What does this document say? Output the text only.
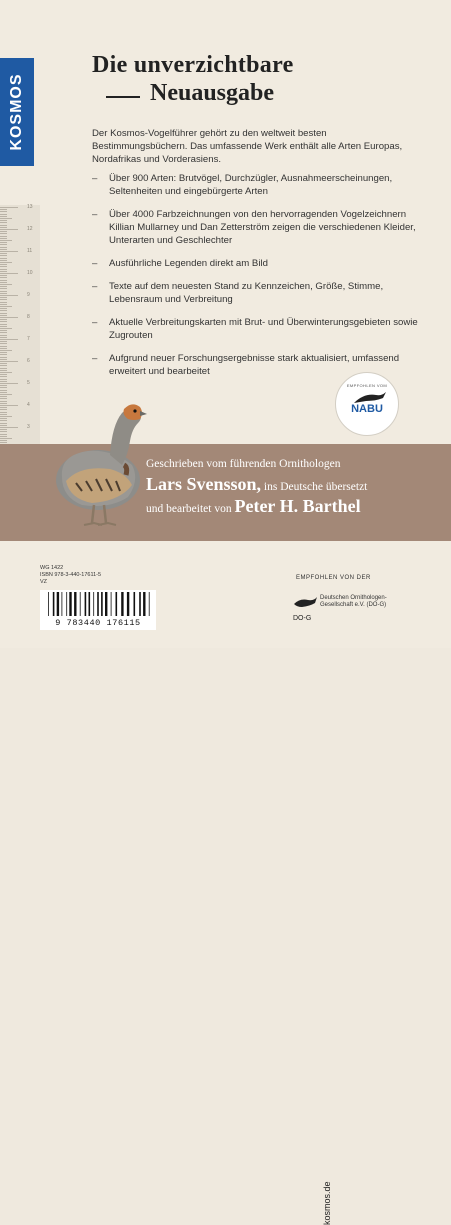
13
12
11
10
9
8
7
6
5
4
3
KOSMOS
Die unverzichtbare
Neuausgabe
Der Kosmos-Vogelführer gehört zu den weltweit besten Bestimmungsbüchern. Das umfassende Werk enthält alle Arten Europas, Nordafrikas und Vorderasiens.
– Über 900 Arten: Brutvögel, Durchzügler, Ausnahmeerscheinungen, Seltenheiten und eingebürgerte Arten
– Über 4000 Farbzeichnungen von den hervorragenden Vogelzeichnern Killian Mullarney und Dan Zetterström zeigen die verschiedenen Kleider, Unterarten und Geschlechter
– Ausführliche Legenden direkt am Bild
– Texte auf dem neuesten Stand zu Kennzeichen, Größe, Stimme, Lebensraum und Verbreitung
– Aktuelle Verbreitungskarten mit Brut- und Überwinterungsgebieten sowie Zugrouten
– Aufgrund neuer Forschungsergebnisse stark aktualisiert, umfassend erweitert und bearbeitet
EMPFOHLEN VOM
NABU
Geschrieben vom führenden Ornithologen
Lars Svensson, ins Deutsche übersetzt
und bearbeitet von Peter H. Barthel
WG 1422
ISBN 978-3-440-17611-5
VZ
9 783440 176115
kosmos.de
EMPFOHLEN VON DER
DO-G
Deutschen Ornithologen-Gesellschaft e.V. (DO-G)
